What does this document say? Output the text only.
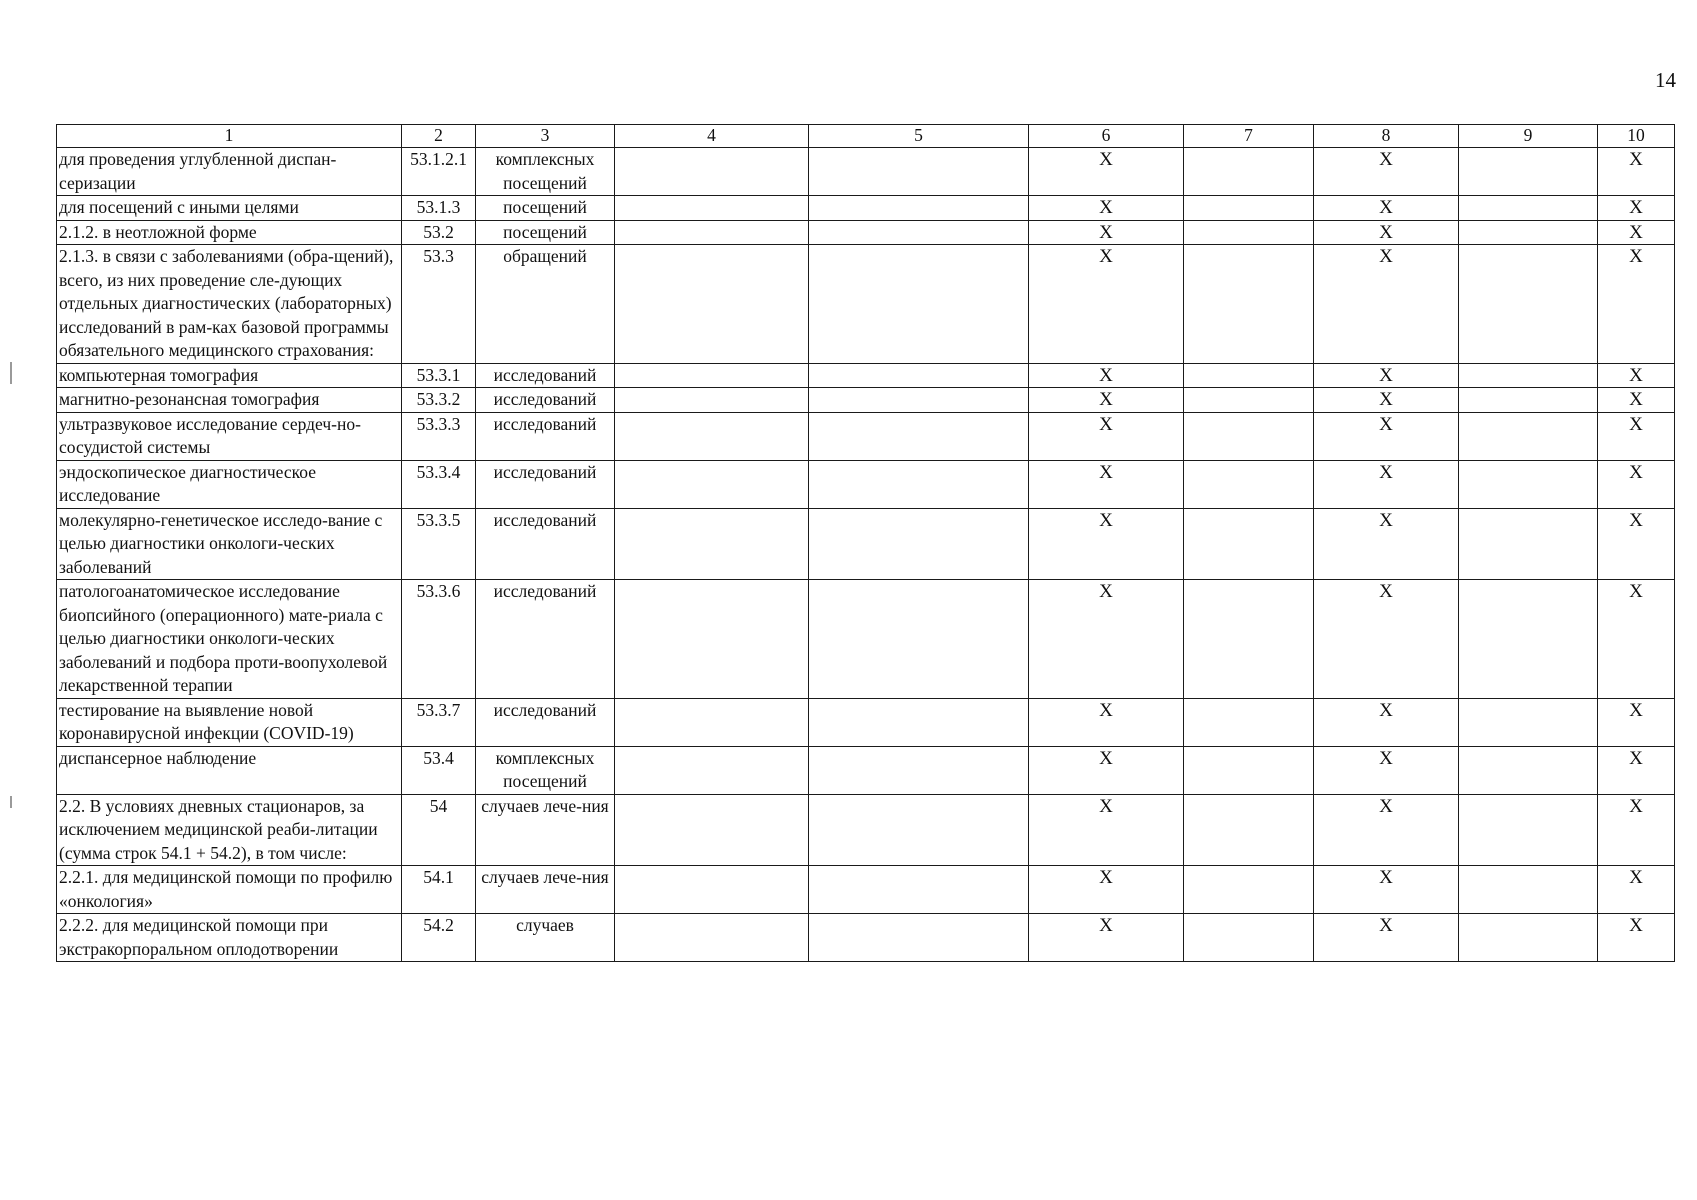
14
1	2	3	4	5	6	7	8	9	10
для проведения углубленной диспан-серизации	53.1.2.1	комплексных посещений			X		X		X
для посещений с иными целями	53.1.3	посещений			X		X		X
2.1.2. в неотложной форме	53.2	посещений			X		X		X
2.1.3. в связи с заболеваниями (обра-щений), всего, из них проведение сле-дующих отдельных диагностических (лабораторных) исследований в рам-ках базовой программы обязательного медицинского страхования:	53.3	обращений			X		X		X
компьютерная томография	53.3.1	исследований			X		X		X
магнитно-резонансная томография	53.3.2	исследований			X		X		X
ультразвуковое исследование сердеч-но-сосудистой системы	53.3.3	исследований			X		X		X
эндоскопическое диагностическое исследование	53.3.4	исследований			X		X		X
молекулярно-генетическое исследо-вание с целью диагностики онкологи-ческих заболеваний	53.3.5	исследований			X		X		X
патологоанатомическое исследование биопсийного (операционного) мате-риала с целью диагностики онкологи-ческих заболеваний и подбора проти-воопухолевой лекарственной терапии	53.3.6	исследований			X		X		X
тестирование на выявление новой коронавирусной инфекции (COVID-19)	53.3.7	исследований			X		X		X
диспансерное наблюдение	53.4	комплексных посещений			X		X		X
2.2. В условиях дневных стационаров, за исключением медицинской реаби-литации (сумма строк 54.1 + 54.2), в том числе:	54	случаев лече-ния			X		X		X
2.2.1. для медицинской помощи по профилю «онкология»	54.1	случаев лече-ния			X		X		X
2.2.2. для медицинской помощи при экстракорпоральном оплодотворении	54.2	случаев			X		X		X
